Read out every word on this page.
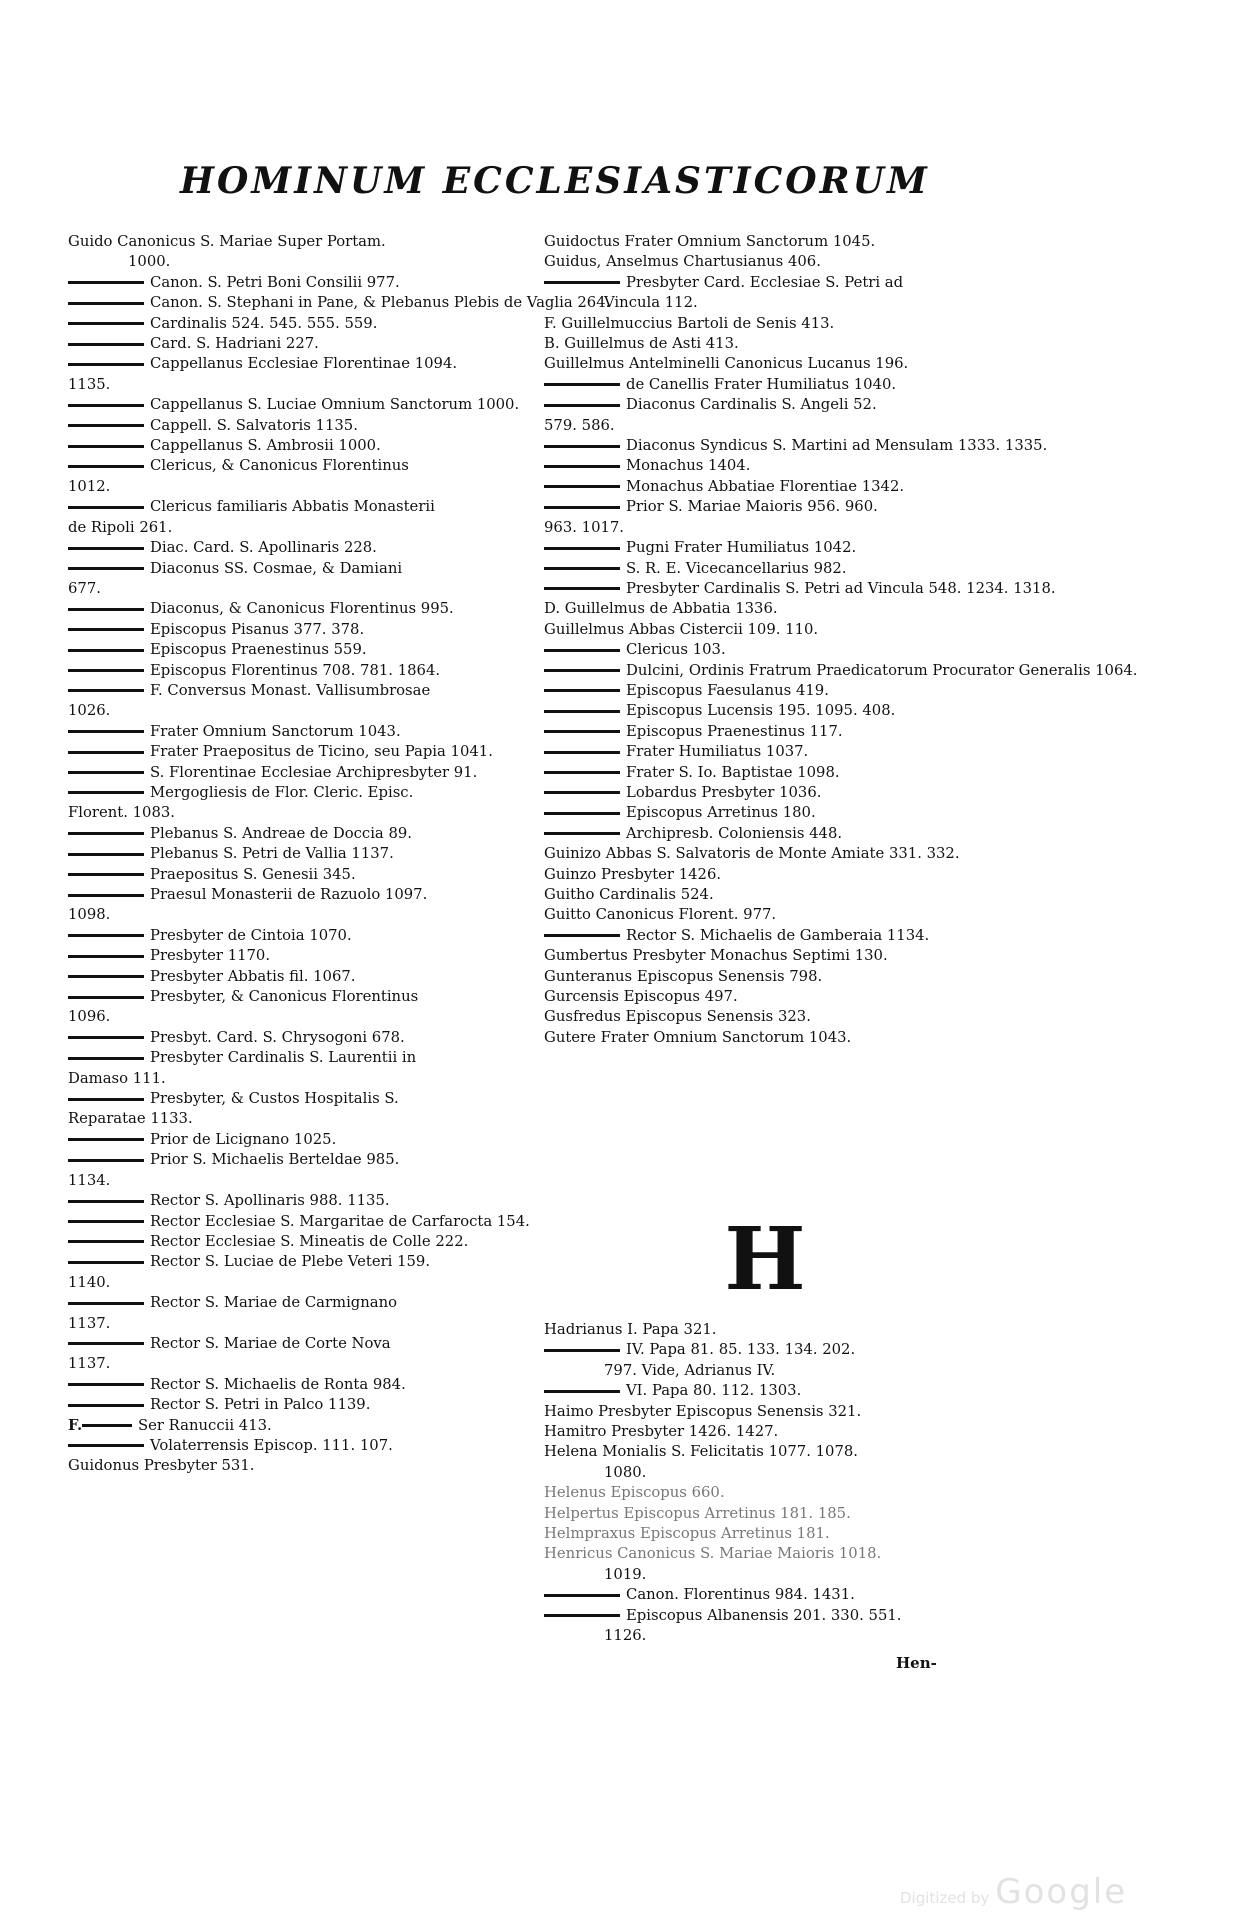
HOMINUM ECCLESIASTICORUM
Guido Canonicus S. Mariae Super Portam.
1000.
Canon. S. Petri Boni Consilii 977.
Canon. S. Stephani in Pane, & Plebanus Plebis de Vaglia 264.
Cardinalis 524. 545. 555. 559.
Card. S. Hadriani 227.
Cappellanus Ecclesiae Florentinae 1094.
1135.
Cappellanus S. Luciae Omnium Sanctorum 1000.
Cappell. S. Salvatoris 1135.
Cappellanus S. Ambrosii 1000.
Clericus, & Canonicus Florentinus
1012.
Clericus familiaris Abbatis Monasterii
de Ripoli 261.
Diac. Card. S. Apollinaris 228.
Diaconus SS. Cosmae, & Damiani
677.
Diaconus, & Canonicus Florentinus 995.
Episcopus Pisanus 377. 378.
Episcopus Praenestinus 559.
Episcopus Florentinus 708. 781. 1864.
F. Conversus Monast. Vallisumbrosae
1026.
Frater Omnium Sanctorum 1043.
Frater Praepositus de Ticino, seu Papia 1041.
S. Florentinae Ecclesiae Archipresbyter 91.
Mergogliesis de Flor. Cleric. Episc.
Florent. 1083.
Plebanus S. Andreae de Doccia 89.
Plebanus S. Petri de Vallia 1137.
Praepositus S. Genesii 345.
Praesul Monasterii de Razuolo 1097.
1098.
Presbyter de Cintoia 1070.
Presbyter 1170.
Presbyter Abbatis fil. 1067.
Presbyter, & Canonicus Florentinus
1096.
Presbyt. Card. S. Chrysogoni 678.
Presbyter Cardinalis S. Laurentii in
Damaso 111.
Presbyter, & Custos Hospitalis S.
Reparatae 1133.
Prior de Licignano 1025.
Prior S. Michaelis Berteldae 985.
1134.
Rector S. Apollinaris 988. 1135.
Rector Ecclesiae S. Margaritae de Carfarocta 154.
Rector Ecclesiae S. Mineatis de Colle 222.
Rector S. Luciae de Plebe Veteri 159.
1140.
Rector S. Mariae de Carmignano
1137.
Rector S. Mariae de Corte Nova
1137.
Rector S. Michaelis de Ronta 984.
Rector S. Petri in Palco 1139.
F.	Ser Ranuccii 413.
Volaterrensis Episcop. 111. 107.
Guidonus Presbyter 531.
Guidoctus Frater Omnium Sanctorum 1045.
Guidus, Anselmus Chartusianus 406.
Presbyter Card. Ecclesiae S. Petri ad
Vincula 112.
F. Guillelmuccius Bartoli de Senis 413.
B. Guillelmus de Asti 413.
Guillelmus Antelminelli Canonicus Lucanus 196.
de Canellis Frater Humiliatus 1040.
Diaconus Cardinalis S. Angeli 52.
579. 586.
Diaconus Syndicus S. Martini ad Mensulam 1333. 1335.
Monachus 1404.
Monachus Abbatiae Florentiae 1342.
Prior S. Mariae Maioris 956. 960.
963. 1017.
Pugni Frater Humiliatus 1042.
S. R. E. Vicecancellarius 982.
Presbyter Cardinalis S. Petri ad Vincula 548. 1234. 1318.
D. Guillelmus de Abbatia 1336.
Guillelmus Abbas Cistercii 109. 110.
Clericus 103.
Dulcini, Ordinis Fratrum Praedicatorum Procurator Generalis 1064.
Episcopus Faesulanus 419.
Episcopus Lucensis 195. 1095. 408.
Episcopus Praenestinus 117.
Frater Humiliatus 1037.
Frater S. Io. Baptistae 1098.
Lobardus Presbyter 1036.
Episcopus Arretinus 180.
Archipresb. Coloniensis 448.
Guinizo Abbas S. Salvatoris de Monte Amiate 331. 332.
Guinzo Presbyter 1426.
Guitho Cardinalis 524.
Guitto Canonicus Florent. 977.
Rector S. Michaelis de Gamberaia 1134.
Gumbertus Presbyter Monachus Septimi 130.
Gunteranus Episcopus Senensis 798.
Gurcensis Episcopus 497.
Gusfredus Episcopus Senensis 323.
Gutere Frater Omnium Sanctorum 1043.
H
Hadrianus I. Papa 321.
IV. Papa 81. 85. 133. 134. 202.
797. Vide, Adrianus IV.
VI. Papa 80. 112. 1303.
Haimo Presbyter Episcopus Senensis 321.
Hamitro Presbyter 1426. 1427.
Helena Monialis S. Felicitatis 1077. 1078.
1080.
Helenus Episcopus 660.
Helpertus Episcopus Arretinus 181. 185.
Helmpraxus Episcopus Arretinus 181.
Henricus Canonicus S. Mariae Maioris 1018.
1019.
Canon. Florentinus 984. 1431.
Episcopus Albanensis 201. 330. 551.
1126.
Hen-
Digitized by Google
